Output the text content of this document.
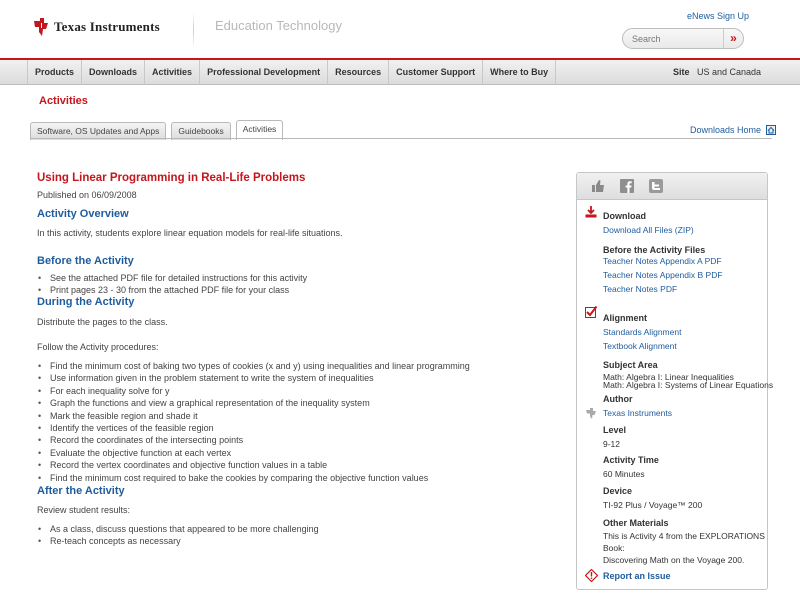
Texas Instruments	Education Technology
eNews Sign Up
Search
»
Products	Downloads	Activities	Professional Development	Resources	Customer Support	Where to Buy	Site US and Canada
Activities
Software, OS Updates and Apps	Guidebooks	Activities	Downloads Home
Using Linear Programming in Real-Life Problems
Published on 06/09/2008
Activity Overview
In this activity, students explore linear equation models for real-life situations.
Before the Activity
• See the attached PDF file for detailed instructions for this activity
• Print pages 23 - 30 from the attached PDF file for your class
During the Activity
Distribute the pages to the class.
Follow the Activity procedures:
• Find the minimum cost of baking two types of cookies (x and y) using inequalities and linear programming
• Use information given in the problem statement to write the system of inequalities
• For each inequality solve for y
• Graph the functions and view a graphical representation of the inequality system
• Mark the feasible region and shade it
• Identify the vertices of the feasible region
• Record the coordinates of the intersecting points
• Evaluate the objective function at each vertex
• Record the vertex coordinates and objective function values in a table
• Find the minimum cost required to bake the cookies by comparing the objective function values
After the Activity
Review student results:
• As a class, discuss questions that appeared to be more challenging
• Re-teach concepts as necessary
Download
Download All Files (ZIP)
Before the Activity Files
Teacher Notes Appendix A PDF
Teacher Notes Appendix B PDF
Teacher Notes PDF
Alignment
Standards Alignment
Textbook Alignment
Subject Area
Math: Algebra I: Linear Inequalities
Math: Algebra I: Systems of Linear Equations
Author
Texas Instruments
Level
9-12
Activity Time
60 Minutes
Device
TI-92 Plus / Voyage™ 200
Other Materials
This is Activity 4 from the EXPLORATIONS
Book:
Discovering Math on the Voyage 200.
Report an Issue
